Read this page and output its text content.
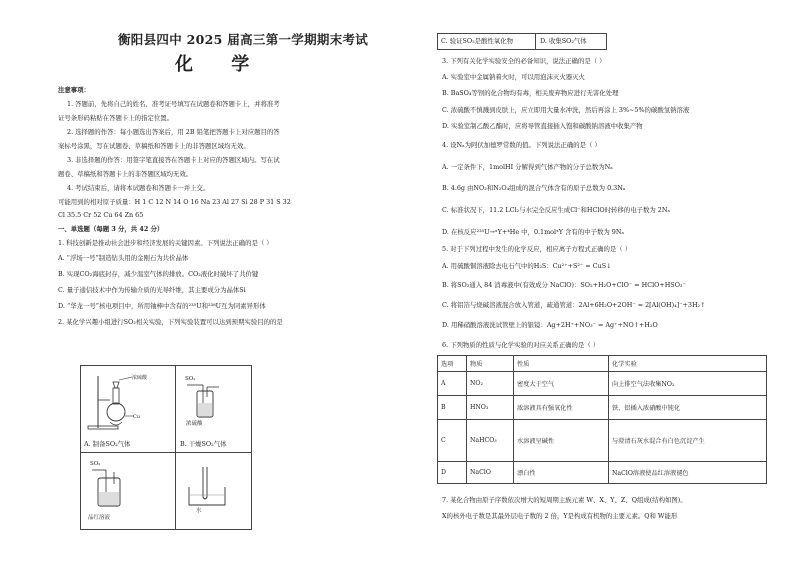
衡阳县四中 2025 届高三第一学期期末考试
化 学
注意事项：
1. 答题前，先将自己的姓名、准考证号填写在试题卷和答题卡上，并将准考
证号条形码粘贴在答题卡上的指定位置。
2. 选择题的作答：每小题选出答案后，用 2B 铅笔把答题卡上对应题目的答
案标号涂黑，写在试题卷、草稿纸和答题卡上的非答题区域均无效。
3. 非选择题的作答：用签字笔直接答在答题卡上对应的答题区域内。写在试
题卷、草稿纸和答题卡上的非答题区域均无效。
4. 考试结束后，请将本试题卷和答题卡一并上交。
可能用到的相对原子质量：H 1 C 12 N 14 O 16 Na 23 Al 27 Si 28 P 31 S 32
Cl 35.5 Cr 52 Cu 64 Zn 65
一、单选题（每题 3 分，共 42 分）
1. 科技创新是推动社会进步和经济发展的关键因素。下列说法正确的是（ ）
A. “浮场一号”制造钻头用的金刚石为共价晶体
B. 实现CO₂海底封存，减少温室气体的排放。CO₂液化时破坏了共价键
C. 量子通信技术中作为传输介质的光导纤维，其主要成分为晶体Si
D. “华龙一号”核电项目中，所用铀棒中含有的²³⁵U和²³⁸U互为同素异形体
2. 某化学兴趣小组进行SO₂相关实验，下列实验装置可以达到预期实验目的的是
浓硫酸
Cu
SO₂
浓硫酸
A. 制备SO₂气体	B. 干燥SO₂气体
SO₂
品红溶液
水
C. 验证SO₂是酸性氧化物	D. 收集SO₂气体
3. 下列有关化学实验安全的必备知识，说法正确的是（ ）
A. 实验室中金属钠着火时，可以用泡沫灭火器灭火
B. BaSO₄等钡的化合物均有毒，相关废弃物应进行无害化处理
C. 浓硫酸不慎溅到皮肤上，应立即用大量水冲洗，然后再涂上 3%~5%的碳酸氢钠溶液
D. 实验室制乙酸乙酯时，应将导管直接插入饱和碳酸钠溶液中收集产物
4. 设Nₐ为阿伏加德罗常数的值。下列说法正确的是（ ）
A. 一定条件下，1molHI 分解得到气体产物的分子总数为Nₐ
B. 4.6g 由NO₂和N₂O₄组成的混合气体含有的原子总数为 0.3Nₐ
C. 标准状况下，11.2 LCl₂与水完全反应生成Cl⁻和HClO时转移的电子数为 2Nₐ
D. 在核反应²³⁵U→ˣY+⁴He 中，0.1molˣY 含有的中子数为 9Nₐ
5. 对于下列过程中发生的化学反应，相应离子方程式正确的是（ ）
A. 用硫酸铜溶液除去电石气中的H₂S：Cu²⁺+S²⁻ = CuS↓
B. 将SO₂通入 84 消毒液中(有效成分 NaClO)：SO₂+H₂O+ClO⁻ = HClO+HSO₃⁻
C. 将铝箔与烧碱溶液混合放入管道，疏通管道：2Al+6H₂O+2OH⁻ = 2[Al(OH)₄]⁻+3H₂↑
D. 用稀硝酸溶液洗试管壁上的银镜：Ag+2H⁺+NO₃⁻ = Ag⁺+NO↑+H₂O
6. 下列物质的性质与化学实验的对应关系正确的是（ ）
选项	物质	性质	化学实验
A	NO₂	密度大于空气	向上排空气法收集NO₂
B	HNO₃	浓溶液具有强氧化性	铁、铝插入浓硝酸中钝化
C	NaHCO₃	水溶液呈碱性	与澄清石灰水混合有白色沉淀产生
D	NaClO	漂白性	NaClO溶液使品红溶液褪色
7. 某化合物由原子序数依次增大的短周期主族元素 W、X、Y、Z、Q组成(结构如图)。
X的核外电子数是其最外层电子数的 2 倍，Y是构成有机物的主要元素。Q和 W能形
